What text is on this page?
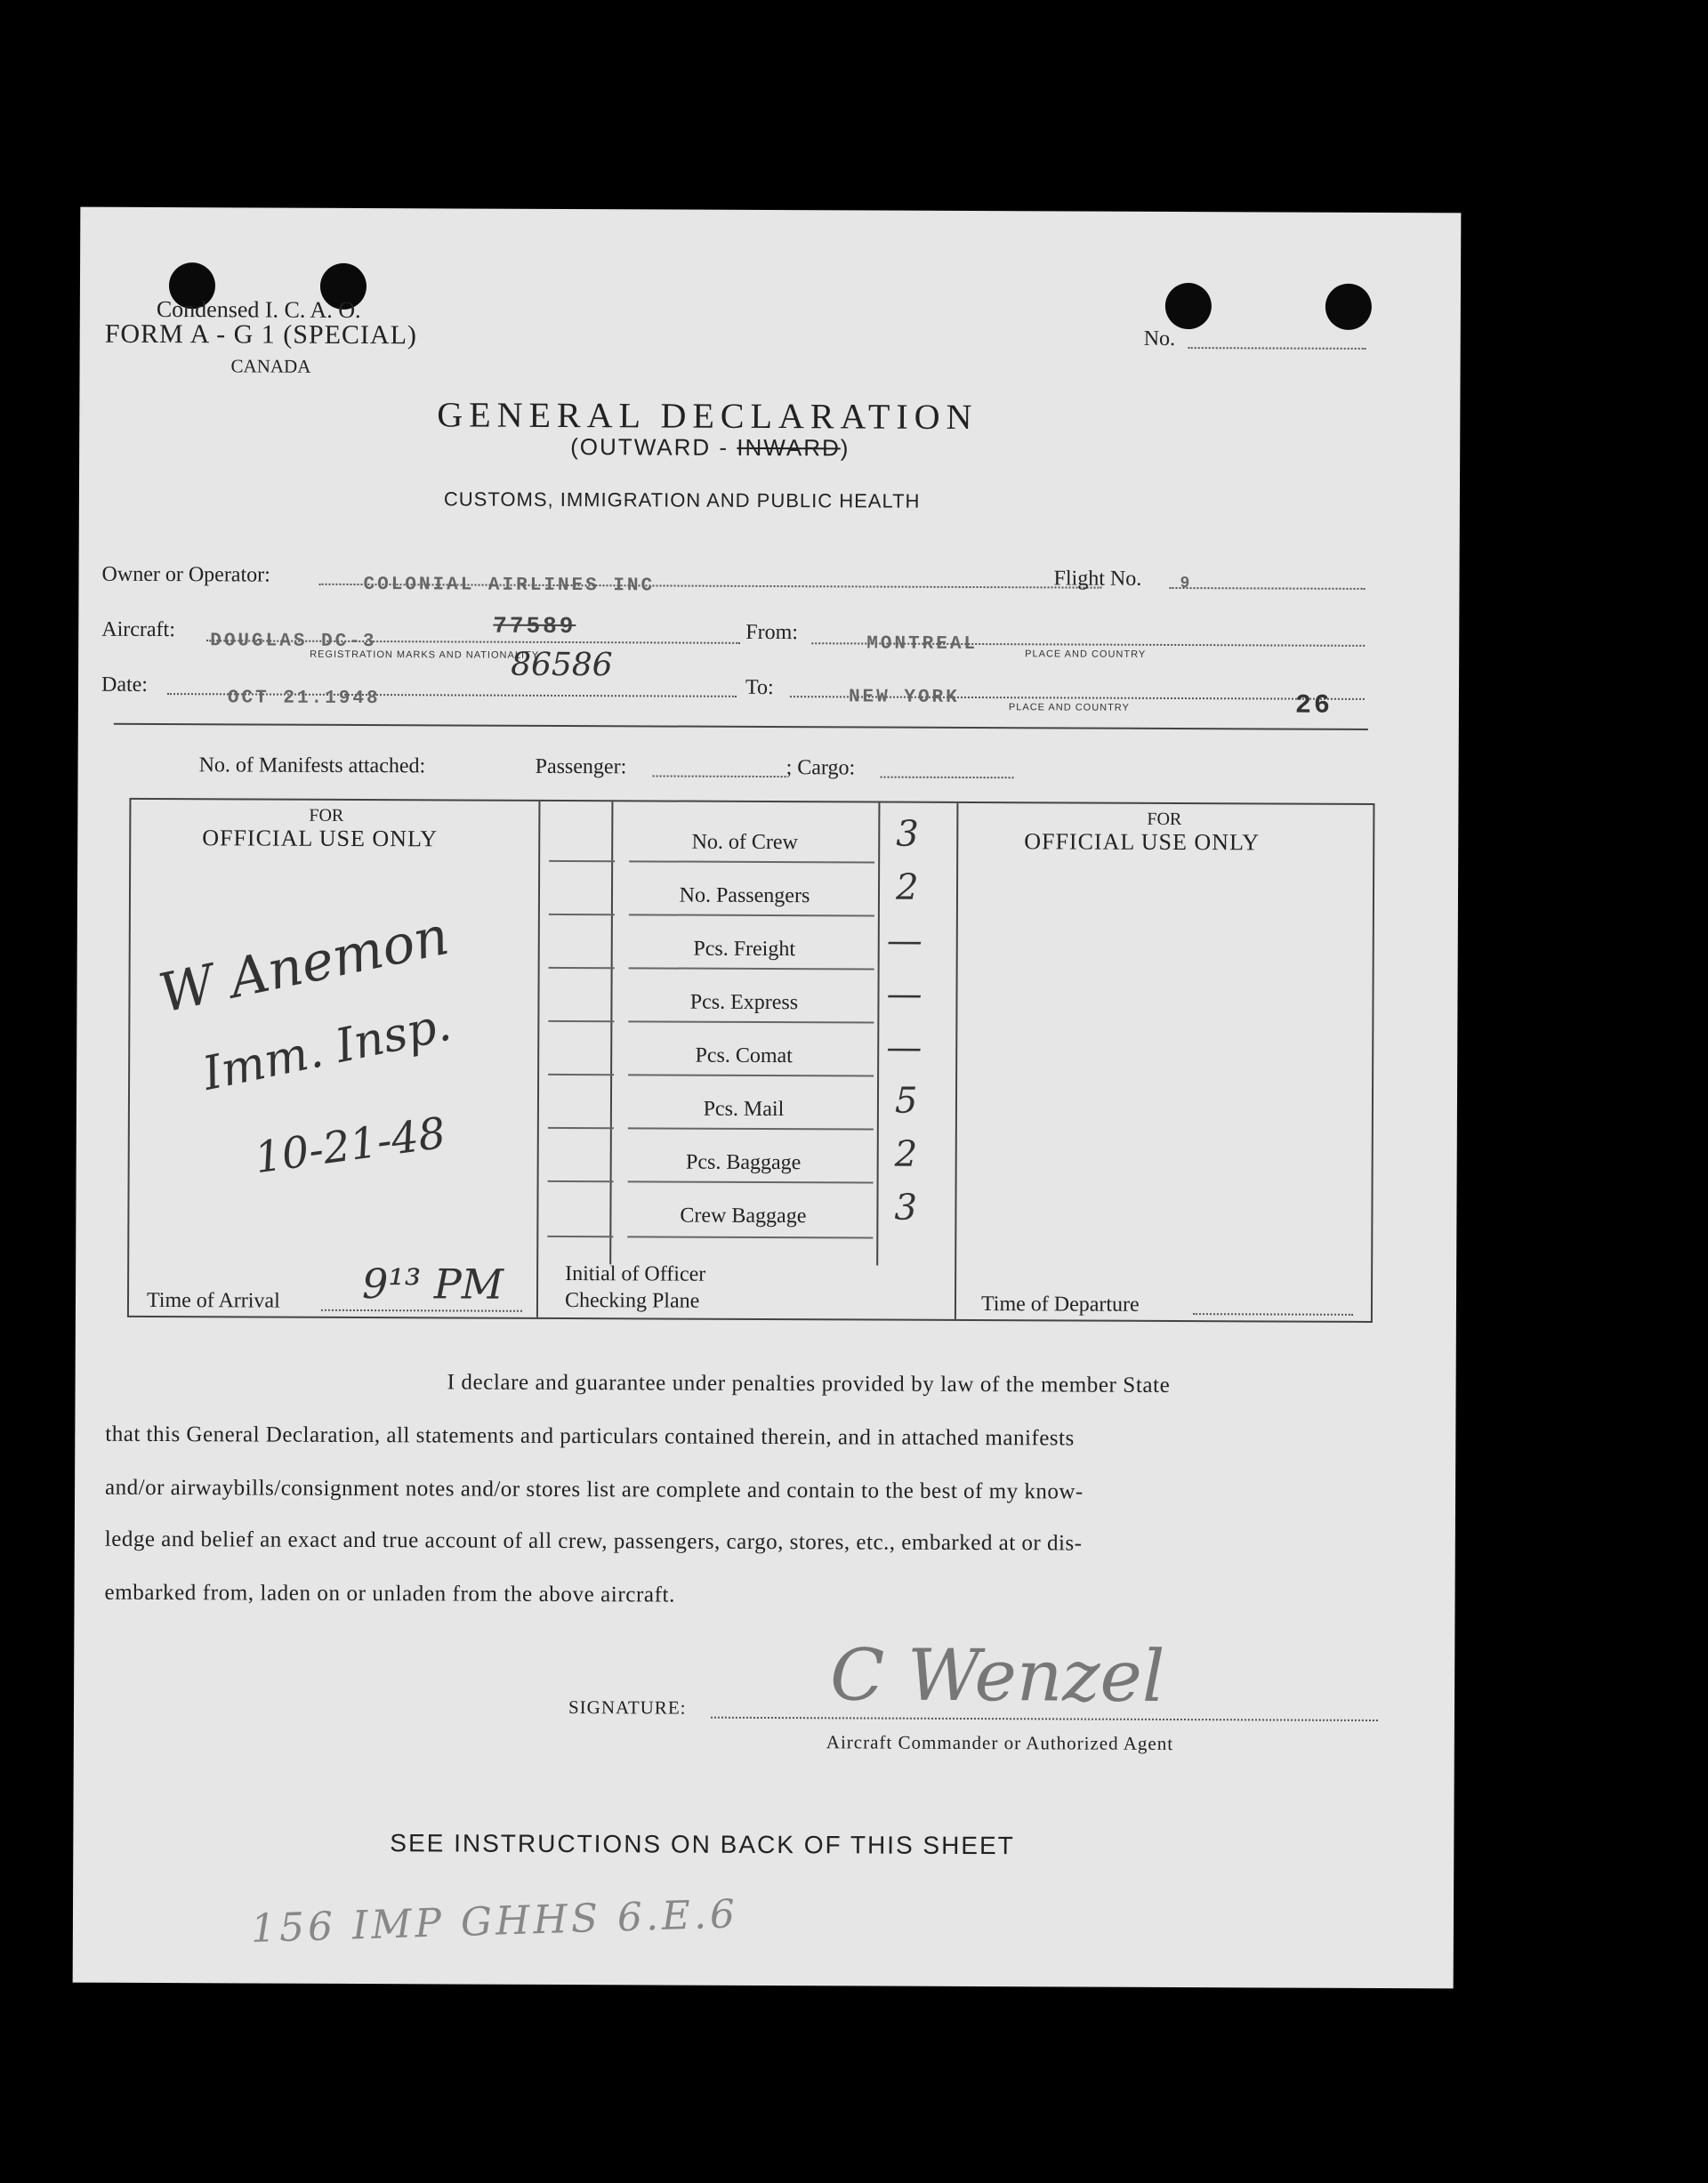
Condensed I. C. A. O.
FORM A - G 1 (SPECIAL)
CANADA
No.
GENERAL DECLARATION
(OUTWARD - INWARD)
CUSTOMS, IMMIGRATION AND PUBLIC HEALTH
Owner or Operator:	COLONIAL AIRLINES INC	Flight No. 9
Aircraft:
DOUGLAS DC-3
REGISTRATION MARKS AND NATIONALITY
77589
86586
From:
MONTREAL	PLACE AND COUNTRY
Date:
OCT 21.1948	To:	NEW YORK	PLACE AND COUNTRY	26
No. of Manifests attached:	Passenger:	; Cargo:
FOR
OFFICIAL USE ONLY
FOR
OFFICIAL USE ONLY
No. of Crew	3
No. Passengers	2
Pcs. Freight	—
Pcs. Express	—
Pcs. Comat	—
Pcs. Mail	5
Pcs. Baggage	2
Crew Baggage	3
W Anemon
Imm. Insp.
10-21-48
Time of Arrival 9¹³ PM	Initial of Officer
Checking Plane	Time of Departure
I declare and guarantee under penalties provided by law of the member State
that this General Declaration, all statements and particulars contained therein, and in attached manifests
and/or airwaybills/consignment notes and/or stores list are complete and contain to the best of my know-
ledge and belief an exact and true account of all crew, passengers, cargo, stores, etc., embarked at or dis-
embarked from, laden on or unladen from the above aircraft.
SIGNATURE: C Wenzel
Aircraft Commander or Authorized Agent
SEE INSTRUCTIONS ON BACK OF THIS SHEET
156 IMP GHHS 6.E.6
